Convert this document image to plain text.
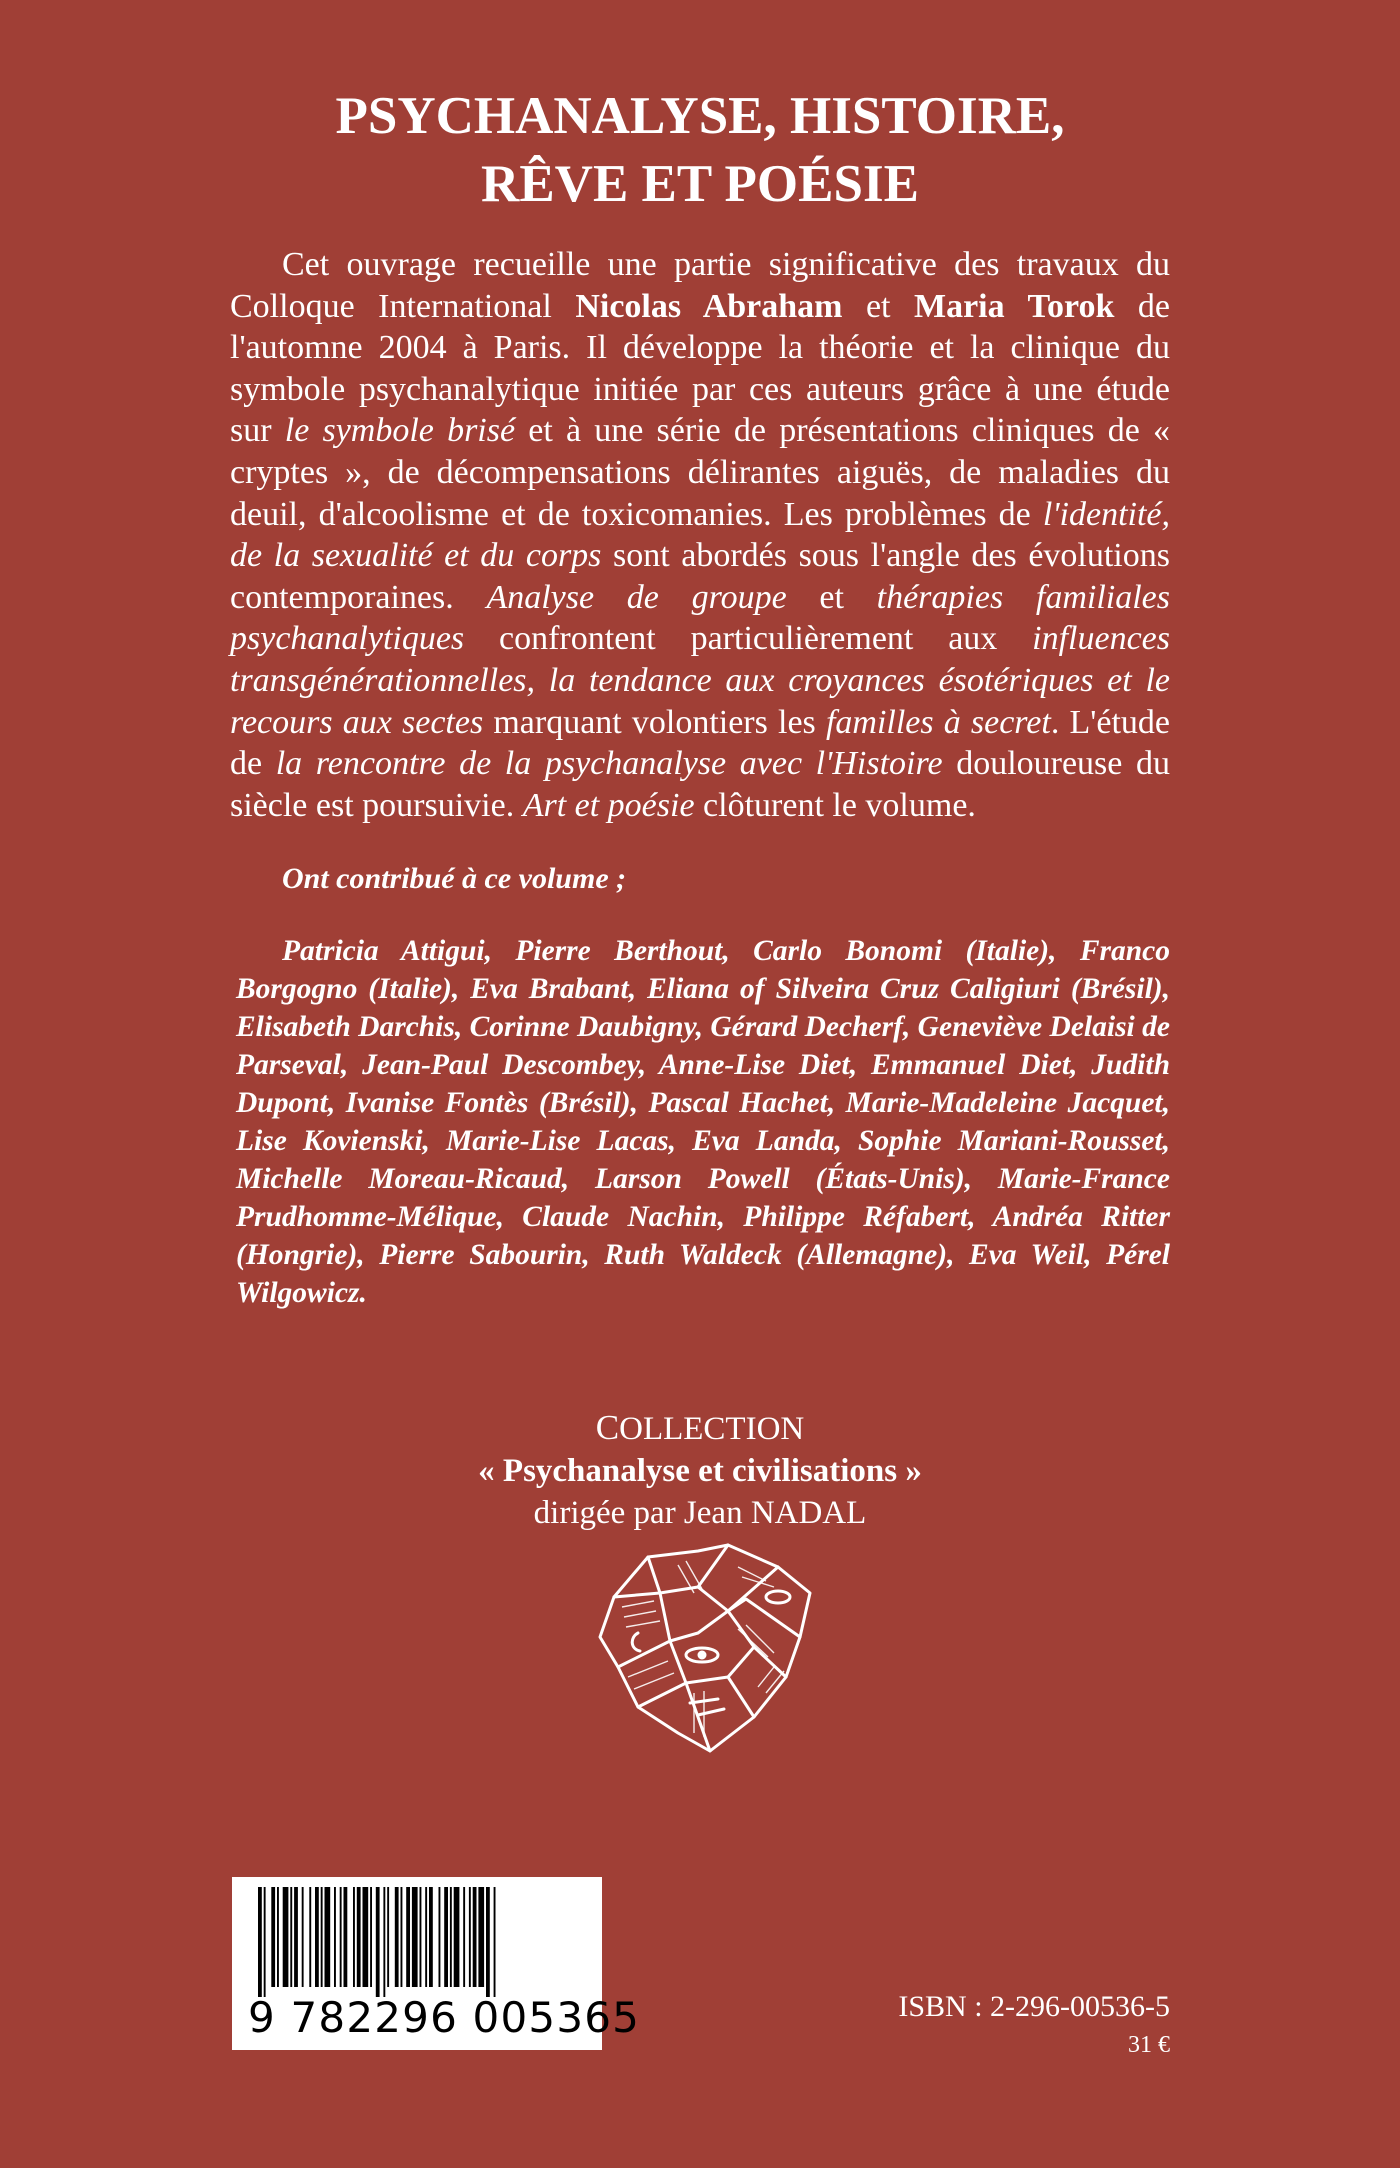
PSYCHANALYSE, HISTOIRE,
RÊVE ET POÉSIE

Cet ouvrage recueille une partie significative des travaux du Colloque International Nicolas Abraham et Maria Torok de l'automne 2004 à Paris. Il développe la théorie et la clinique du symbole psychanalytique initiée par ces auteurs grâce à une étude sur le symbole brisé et à une série de présentations cliniques de « cryptes », de décompensations délirantes aiguës, de maladies du deuil, d'alcoolisme et de toxicomanies. Les problèmes de l'identité, de la sexualité et du corps sont abordés sous l'angle des évolutions contemporaines. Analyse de groupe et thérapies familiales psychanalytiques confrontent particulièrement aux influences transgénérationnelles, la tendance aux croyances ésotériques et le recours aux sectes marquant volontiers les familles à secret. L'étude de la rencontre de la psychanalyse avec l'Histoire douloureuse du siècle est poursuivie. Art et poésie clôturent le volume.

Ont contribué à ce volume ;

Patricia Attigui, Pierre Berthout, Carlo Bonomi (Italie), Franco Borgogno (Italie), Eva Brabant, Eliana of Silveira Cruz Caligiuri (Brésil), Elisabeth Darchis, Corinne Daubigny, Gérard Decherf, Geneviève Delaisi de Parseval, Jean-Paul Descombey, Anne-Lise Diet, Emmanuel Diet, Judith Dupont, Ivanise Fontès (Brésil), Pascal Hachet, Marie-Madeleine Jacquet, Lise Kovienski, Marie-Lise Lacas, Eva Landa, Sophie Mariani-Rousset, Michelle Moreau-Ricaud, Larson Powell (États-Unis), Marie-France Prudhomme-Mélique, Claude Nachin, Philippe Réfabert, Andréa Ritter (Hongrie), Pierre Sabourin, Ruth Waldeck (Allemagne), Eva Weil, Pérel Wilgowicz.

COLLECTION
« Psychanalyse et civilisations »
dirigée par Jean NADAL
9 782296 005365	ISBN : 2-296-00536-5
31 €
